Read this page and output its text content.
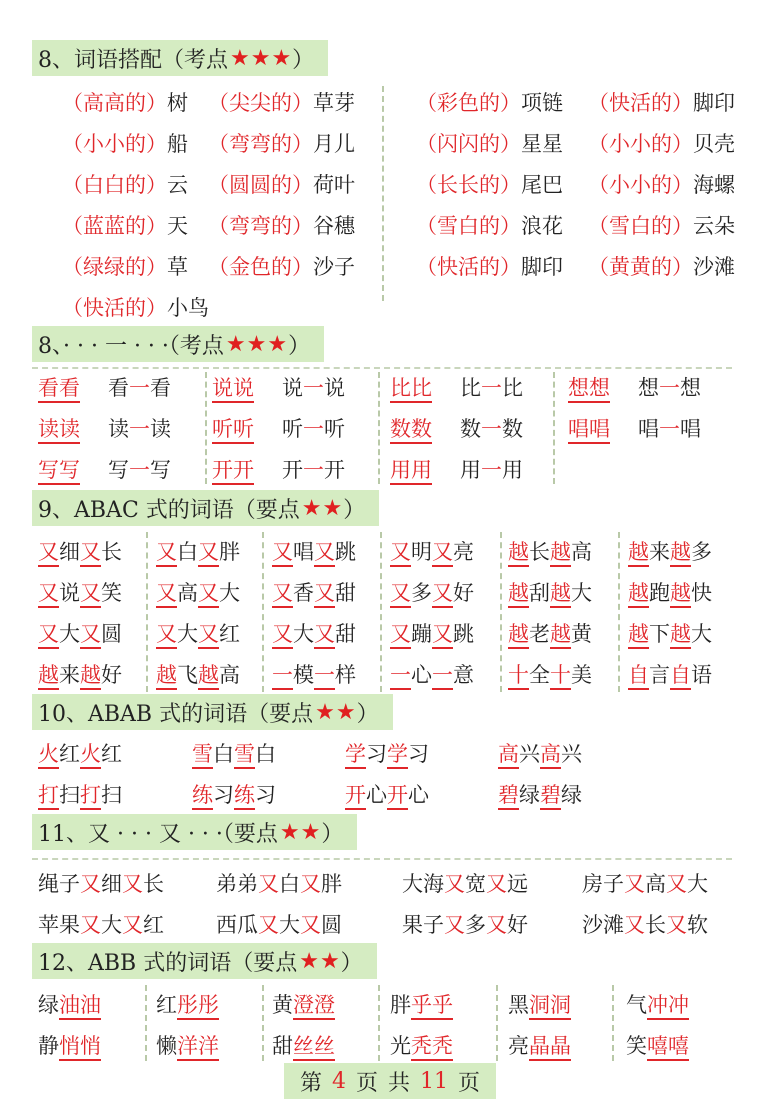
8、词语搭配（考点 ★★★ ）
8、· · · 一 · · ·（考点 ★★★ ）
9、ABAC 式的词语（要点 ★★ ）
10、ABAB 式的词语（要点 ★★ ）
11、又 · · · 又 · · ·（要点 ★★ ）
12、ABB 式的词语（要点 ★★ ）
（高高的）树 （尖尖的）草芽	（彩色的）项链 （快活的）脚印
（小小的）船 （弯弯的）月儿	（闪闪的）星星 （小小的）贝壳
（白白的）云 （圆圆的）荷叶	（长长的）尾巴 （小小的）海螺
（蓝蓝的）天 （弯弯的）谷穗	（雪白的）浪花 （雪白的）云朵
（绿绿的）草 （金色的）沙子	（快活的）脚印 （黄黄的）沙滩
（快活的）小鸟
看看 看一看 说说 说一说 比比 比一比 想想 想一想
读读 读一读 听听 听一听 数数 数一数 唱唱 唱一唱
写写 写一写 开开 开一开 用用 用一用
又细又长 又白又胖 又唱又跳 又明又亮 越长越高 越来越多
又说又笑 又高又大 又香又甜 又多又好 越刮越大 越跑越快
又大又圆 又大又红 又大又甜 又蹦又跳 越老越黄 越下越大
越来越好 越飞越高 一模一样 一心一意 十全十美 自言自语
火红火红	雪白雪白	学习学习	高兴高兴
打扫打扫	练习练习	开心开心	碧绿碧绿
绳子又细又长 弟弟又白又胖	大海又宽又远	房子又高又大
苹果又大又红 西瓜又大又圆	果子又多又好	沙滩又长又软
绿油油	红彤彤	黄澄澄	胖乎乎	黑洞洞	气冲冲
静悄悄	懒洋洋	甜丝丝	光秃秃	亮晶晶	笑嘻嘻
第 4 页 共 11 页
